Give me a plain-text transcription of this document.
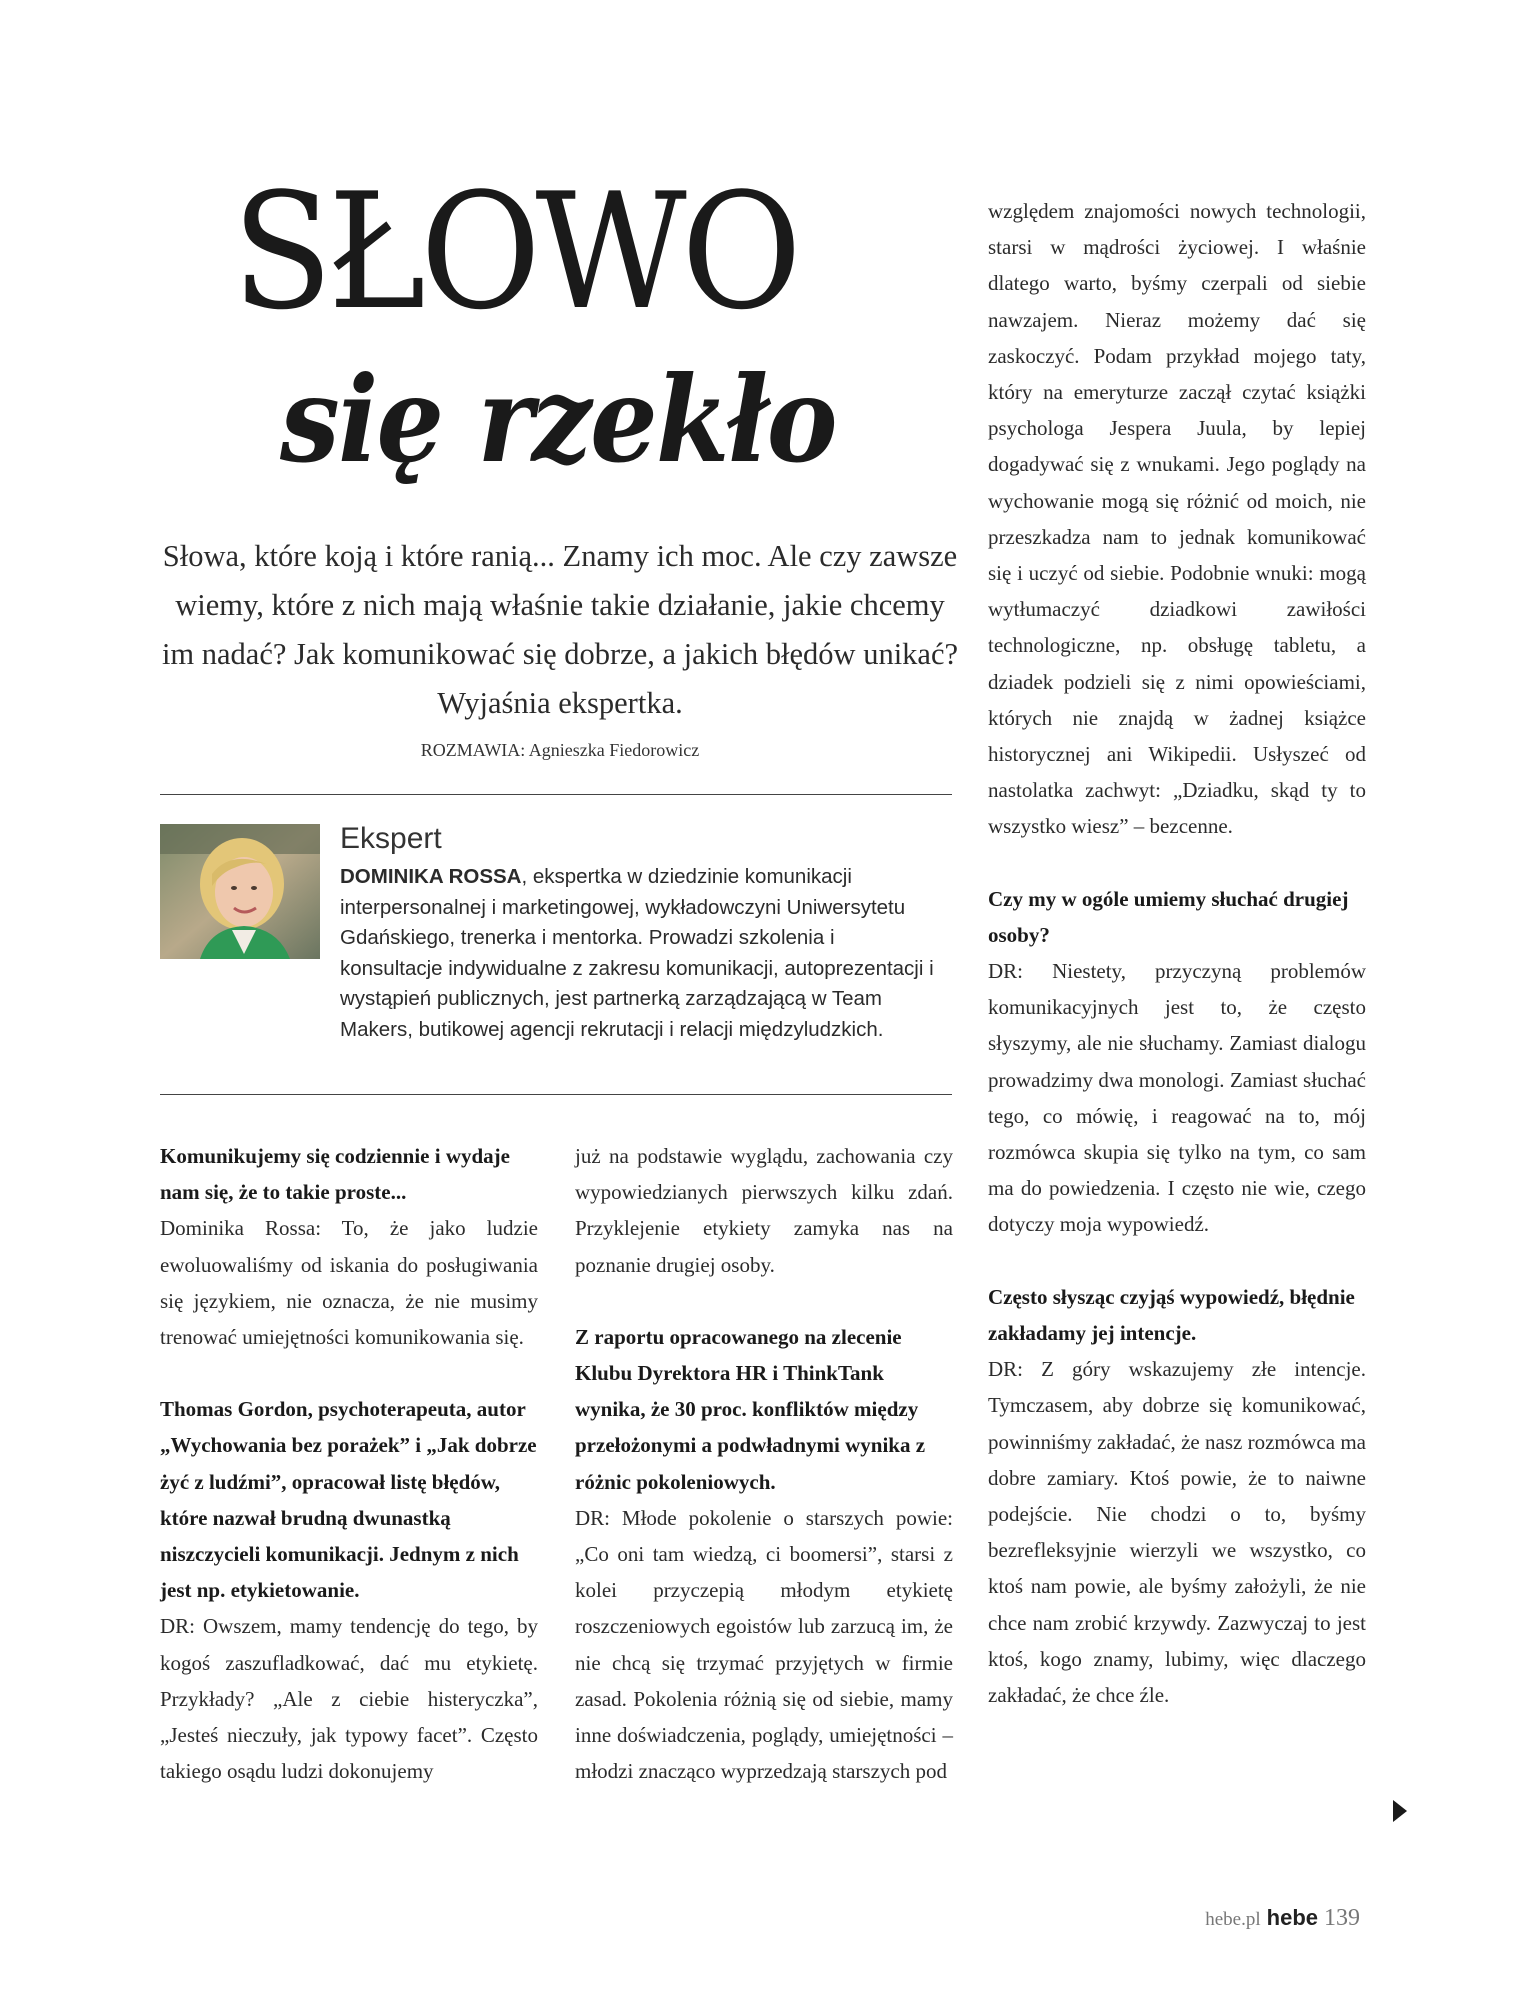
SŁOWO
się rzekło

Słowa, które koją i które ranią... Znamy ich moc. Ale czy zawsze wiemy, które z nich mają właśnie takie działanie, jakie chcemy im nadać? Jak komunikować się dobrze, a jakich błędów unikać? Wyjaśnia ekspertka.

ROZMAWIA: Agnieszka Fiedorowicz
Ekspert

DOMINIKA ROSSA, ekspertka w dziedzinie komunikacji interpersonalnej i marketingowej, wykładowczyni Uniwersytetu Gdańskiego, trenerka i mentorka. Prowadzi szkolenia i konsultacje indywidualne z zakresu komunikacji, autoprezentacji i wystąpień publicznych, jest partnerką zarządzającą w Team Makers, butikowej agencji rekrutacji i relacji międzyludzkich.

Komunikujemy się codziennie i wydaje nam się, że to takie proste...

Dominika Rossa: To, że jako ludzie ewoluowaliśmy od iskania do posługiwania się językiem, nie oznacza, że nie musimy trenować umiejętności komunikowania się.

Thomas Gordon, psychoterapeuta, autor „Wychowania bez porażek” i „Jak dobrze żyć z ludźmi”, opracował listę błędów, które nazwał brudną dwunastką niszczycieli komunikacji. Jednym z nich jest np. etykietowanie.

DR: Owszem, mamy tendencję do tego, by kogoś zaszufladkować, dać mu etykietę. Przykłady? „Ale z ciebie histeryczka”, „Jesteś nieczuły, jak typowy facet”. Często takiego osądu ludzi dokonujemy

już na podstawie wyglądu, zachowania czy wypowiedzianych pierwszych kilku zdań. Przyklejenie etykiety zamyka nas na poznanie drugiej osoby.

Z raportu opracowanego na zlecenie Klubu Dyrektora HR i ThinkTank wynika, że 30 proc. konfliktów między przełożonymi a podwładnymi wynika z różnic pokoleniowych.

DR: Młode pokolenie o starszych powie: „Co oni tam wiedzą, ci boomersi”, starsi z kolei przyczepią młodym etykietę roszczeniowych egoistów lub zarzucą im, że nie chcą się trzymać przyjętych w firmie zasad. Pokolenia różnią się od siebie, mamy inne doświadczenia, poglądy, umiejętności – młodzi znacząco wyprzedzają starszych pod

względem znajomości nowych technologii, starsi w mądrości życiowej. I właśnie dlatego warto, byśmy czerpali od siebie nawzajem. Nieraz możemy dać się zaskoczyć. Podam przykład mojego taty, który na emeryturze zaczął czytać książki psychologa Jespera Juula, by lepiej dogadywać się z wnukami. Jego poglądy na wychowanie mogą się różnić od moich, nie przeszkadza nam to jednak komunikować się i uczyć od siebie. Podobnie wnuki: mogą wytłumaczyć dziadkowi zawiłości technologiczne, np. obsługę tabletu, a dziadek podzieli się z nimi opowieściami, których nie znajdą w żadnej książce historycznej ani Wikipedii. Usłyszeć od nastolatka zachwyt: „Dziadku, skąd ty to wszystko wiesz” – bezcenne.

Czy my w ogóle umiemy słuchać drugiej osoby?

DR: Niestety, przyczyną problemów komunikacyjnych jest to, że często słyszymy, ale nie słuchamy. Zamiast dialogu prowadzimy dwa monologi. Zamiast słuchać tego, co mówię, i reagować na to, mój rozmówca skupia się tylko na tym, co sam ma do powiedzenia. I często nie wie, czego dotyczy moja wypowiedź.

Często słysząc czyjąś wypowiedź, błędnie zakładamy jej intencje.

DR: Z góry wskazujemy złe intencje. Tymczasem, aby dobrze się komunikować, powinniśmy zakładać, że nasz rozmówca ma dobre zamiary. Ktoś powie, że to naiwne podejście. Nie chodzi o to, byśmy bezrefleksyjnie wierzyli we wszystko, co ktoś nam powie, ale byśmy założyli, że nie chce nam zrobić krzywdy. Zazwyczaj to jest ktoś, kogo znamy, lubimy, więc dlaczego zakładać, że chce źle.

hebe.pl hebe 139
